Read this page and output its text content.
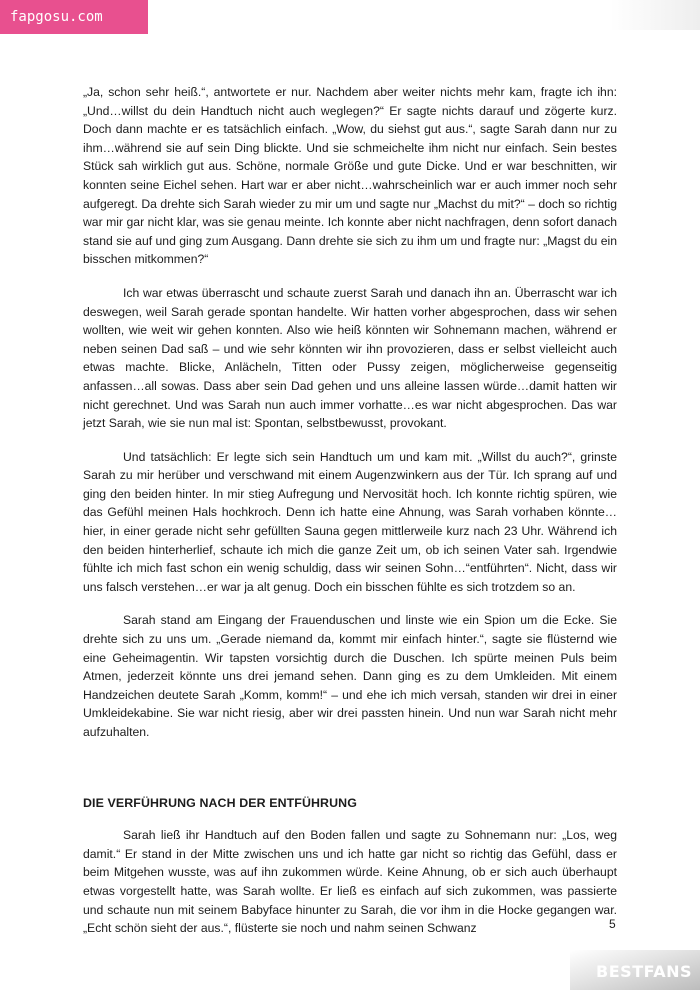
fapgosu.com

„Ja, schon sehr heiß.“, antwortete er nur. Nachdem aber weiter nichts mehr kam, fragte ich ihn: „Und…willst du dein Handtuch nicht auch weglegen?“ Er sagte nichts darauf und zögerte kurz. Doch dann machte er es tatsächlich einfach. „Wow, du siehst gut aus.“, sagte Sarah dann nur zu ihm…während sie auf sein Ding blickte. Und sie schmeichelte ihm nicht nur einfach. Sein bestes Stück sah wirklich gut aus. Schöne, normale Größe und gute Dicke. Und er war beschnitten, wir konnten seine Eichel sehen. Hart war er aber nicht…wahrscheinlich war er auch immer noch sehr aufgeregt. Da drehte sich Sarah wieder zu mir um und sagte nur „Machst du mit?“ – doch so richtig war mir gar nicht klar, was sie genau meinte. Ich konnte aber nicht nachfragen, denn sofort danach stand sie auf und ging zum Ausgang. Dann drehte sie sich zu ihm um und fragte nur: „Magst du ein bisschen mitkommen?“

Ich war etwas überrascht und schaute zuerst Sarah und danach ihn an. Überrascht war ich deswegen, weil Sarah gerade spontan handelte. Wir hatten vorher abgesprochen, dass wir sehen wollten, wie weit wir gehen konnten. Also wie heiß könnten wir Sohnemann machen, während er neben seinen Dad saß – und wie sehr könnten wir ihn provozieren, dass er selbst vielleicht auch etwas machte. Blicke, Anlächeln, Titten oder Pussy zeigen, möglicherweise gegenseitig anfassen…all sowas. Dass aber sein Dad gehen und uns alleine lassen würde…damit hatten wir nicht gerechnet. Und was Sarah nun auch immer vorhatte…es war nicht abgesprochen. Das war jetzt Sarah, wie sie nun mal ist: Spontan, selbstbewusst, provokant.

Und tatsächlich: Er legte sich sein Handtuch um und kam mit. „Willst du auch?“, grinste Sarah zu mir herüber und verschwand mit einem Augenzwinkern aus der Tür. Ich sprang auf und ging den beiden hinter. In mir stieg Aufregung und Nervosität hoch. Ich konnte richtig spüren, wie das Gefühl meinen Hals hochkroch. Denn ich hatte eine Ahnung, was Sarah vorhaben könnte…hier, in einer gerade nicht sehr gefüllten Sauna gegen mittlerweile kurz nach 23 Uhr. Während ich den beiden hinterherlief, schaute ich mich die ganze Zeit um, ob ich seinen Vater sah. Irgendwie fühlte ich mich fast schon ein wenig schuldig, dass wir seinen Sohn…“entführten“. Nicht, dass wir uns falsch verstehen…er war ja alt genug. Doch ein bisschen fühlte es sich trotzdem so an.

Sarah stand am Eingang der Frauenduschen und linste wie ein Spion um die Ecke. Sie drehte sich zu uns um. „Gerade niemand da, kommt mir einfach hinter.“, sagte sie flüsternd wie eine Geheimagentin. Wir tapsten vorsichtig durch die Duschen. Ich spürte meinen Puls beim Atmen, jederzeit könnte uns drei jemand sehen. Dann ging es zu dem Umkleiden. Mit einem Handzeichen deutete Sarah „Komm, komm!“ – und ehe ich mich versah, standen wir drei in einer Umkleidekabine. Sie war nicht riesig, aber wir drei passten hinein. Und nun war Sarah nicht mehr aufzuhalten.

DIE VERFÜHRUNG NACH DER ENTFÜHRUNG

Sarah ließ ihr Handtuch auf den Boden fallen und sagte zu Sohnemann nur: „Los, weg damit.“ Er stand in der Mitte zwischen uns und ich hatte gar nicht so richtig das Gefühl, dass er beim Mitgehen wusste, was auf ihn zukommen würde. Keine Ahnung, ob er sich auch überhaupt etwas vorgestellt hatte, was Sarah wollte. Er ließ es einfach auf sich zukommen, was passierte und schaute nun mit seinem Babyface hinunter zu Sarah, die vor ihm in die Hocke gegangen war. „Echt schön sieht der aus.“, flüsterte sie noch und nahm seinen Schwanz	5
BESTFANS
